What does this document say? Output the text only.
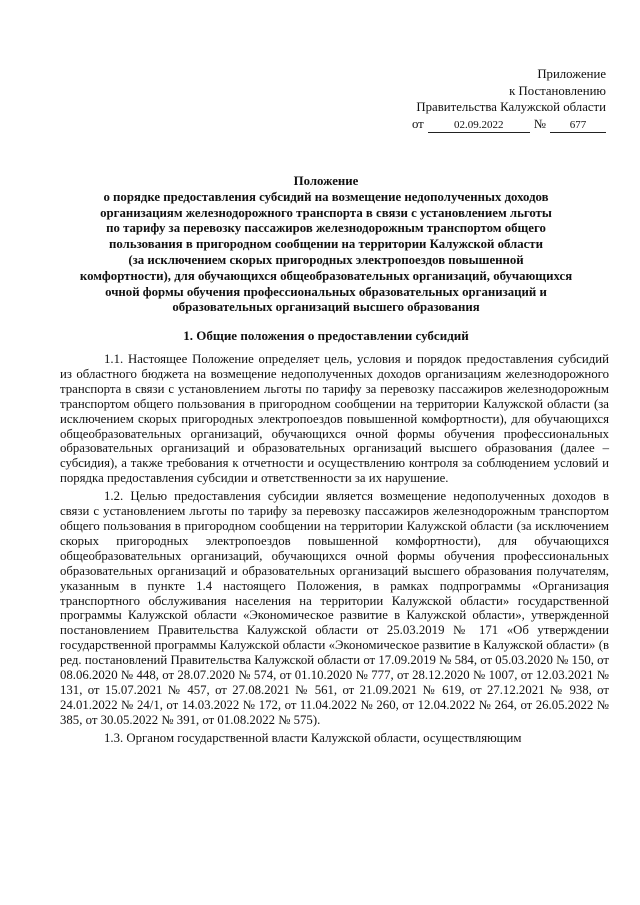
Приложение
к Постановлению
Правительства Калужской области
от	02.09.2022	№	677
Положение
о порядке предоставления субсидий на возмещение недополученных доходов
организациям железнодорожного транспорта в связи с установлением льготы
по тарифу за перевозку пассажиров железнодорожным транспортом общего
пользования в пригородном сообщении на территории Калужской области
(за исключением скорых пригородных электропоездов повышенной
комфортности), для обучающихся общеобразовательных организаций, обучающихся
очной формы обучения профессиональных образовательных организаций и
образовательных организаций высшего образования
1. Общие положения о предоставлении субсидий

1.1. Настоящее Положение определяет цель, условия и порядок предоставления субсидий из областного бюджета на возмещение недополученных доходов организациям железнодорожного транспорта в связи с установлением льготы по тарифу за перевозку пассажиров железнодорожным транспортом общего пользования в пригородном сообщении на территории Калужской области (за исключением скорых пригородных электропоездов повышенной комфортности), для обучающихся общеобразовательных организаций, обучающихся очной формы обучения профессиональных образовательных организаций и образовательных организаций высшего образования (далее – субсидия), а также требования к отчетности и осуществлению контроля за соблюдением условий и порядка предоставления субсидии и ответственности за их нарушение.

1.2. Целью предоставления субсидии является возмещение недополученных доходов в связи с установлением льготы по тарифу за перевозку пассажиров железнодорожным транспортом общего пользования в пригородном сообщении на территории Калужской области (за исключением скорых пригородных электропоездов повышенной комфортности), для обучающихся общеобразовательных организаций, обучающихся очной формы обучения профессиональных образовательных организаций и образовательных организаций высшего образования получателям, указанным в пункте 1.4 настоящего Положения, в рамках подпрограммы «Организация транспортного обслуживания населения на территории Калужской области» государственной программы Калужской области «Экономическое развитие в Калужской области», утвержденной постановлением Правительства Калужской области от 25.03.2019 № 171 «Об утверждении государственной программы Калужской области «Экономическое развитие в Калужской области» (в ред. постановлений Правительства Калужской области от 17.09.2019 № 584, от 05.03.2020 № 150, от 08.06.2020 № 448, от 28.07.2020 № 574, от 01.10.2020 № 777, от 28.12.2020 № 1007, от 12.03.2021 № 131, от 15.07.2021 № 457, от 27.08.2021 № 561, от 21.09.2021 № 619, от 27.12.2021 № 938, от 24.01.2022 № 24/1, от 14.03.2022 № 172, от 11.04.2022 № 260, от 12.04.2022 № 264, от 26.05.2022 № 385, от 30.05.2022 № 391, от 01.08.2022 № 575).

1.3. Органом государственной власти Калужской области, осуществляющим
